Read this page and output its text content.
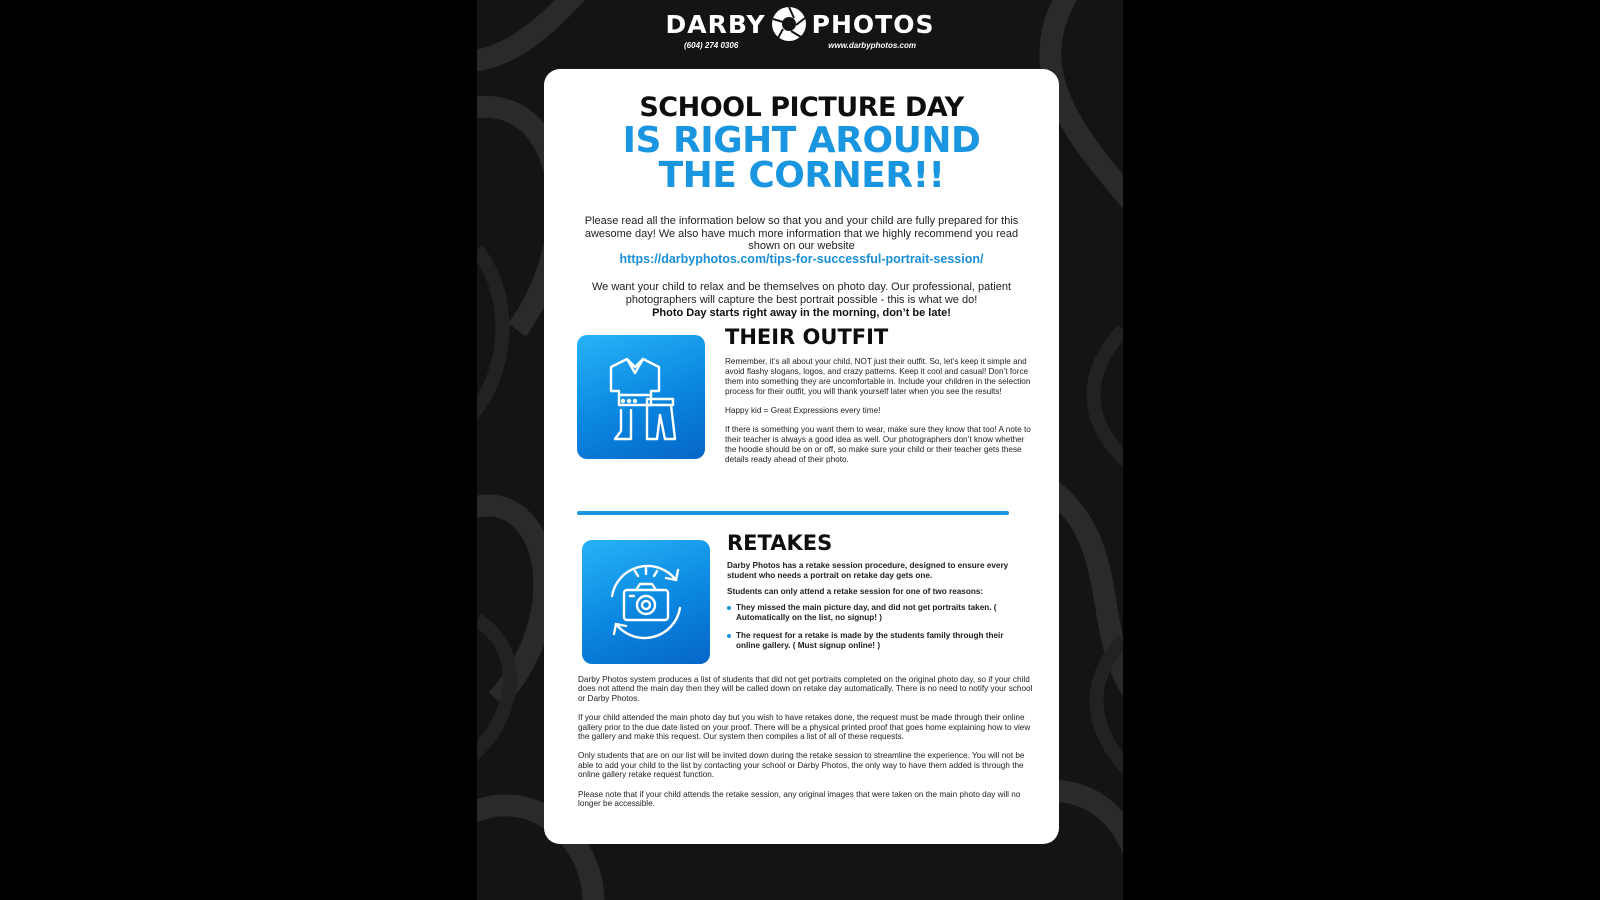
DARBY PHOTOS
(604) 274 0306	www.darbyphotos.com
SCHOOL PICTURE DAY
IS RIGHT AROUND
THE CORNER!!
Please read all the information below so that you and your child are fully prepared for this awesome day! We also have much more information that we highly recommend you read shown on our website
https://darbyphotos.com/tips-for-successful-portrait-session/
We want your child to relax and be themselves on photo day. Our professional, patient photographers will capture the best portrait possible - this is what we do!
Photo Day starts right away in the morning, don’t be late!
THEIR OUTFIT

Remember, it’s all about your child, NOT just their outfit. So, let’s keep it simple and avoid flashy slogans, logos, and crazy patterns. Keep it cool and casual! Don’t force them into something they are uncomfortable in. Include your children in the selection process for their outfit, you will thank yourself later when you see the results!

Happy kid = Great Expressions every time!

If there is something you want them to wear, make sure they know that too! A note to their teacher is always a good idea as well. Our photographers don’t know whether the hoodie should be on or off, so make sure your child or their teacher gets these details ready ahead of their photo.

RETAKES

Darby Photos has a retake session procedure, designed to ensure every student who needs a portrait on retake day gets one.

Students can only attend a retake session for one of two reasons:

They missed the main picture day, and did not get portraits taken. ( Automatically on the list, no signup! )
The request for a retake is made by the students family through their online gallery. ( Must signup online! )

Darby Photos system produces a list of students that did not get portraits completed on the original photo day, so if your child does not attend the main day then they will be called down on retake day automatically. There is no need to notify your school or Darby Photos.

If your child attended the main photo day but you wish to have retakes done, the request must be made through their online gallery prior to the due date listed on your proof. There will be a physical printed proof that goes home explaining how to view the gallery and make this request. Our system then compiles a list of all of these requests.

Only students that are on our list will be invited down during the retake session to streamline the experience. You will not be able to add your child to the list by contacting your school or Darby Photos, the only way to have them added is through the online gallery retake request function.

Please note that if your child attends the retake session, any original images that were taken on the main photo day will no longer be accessible.
